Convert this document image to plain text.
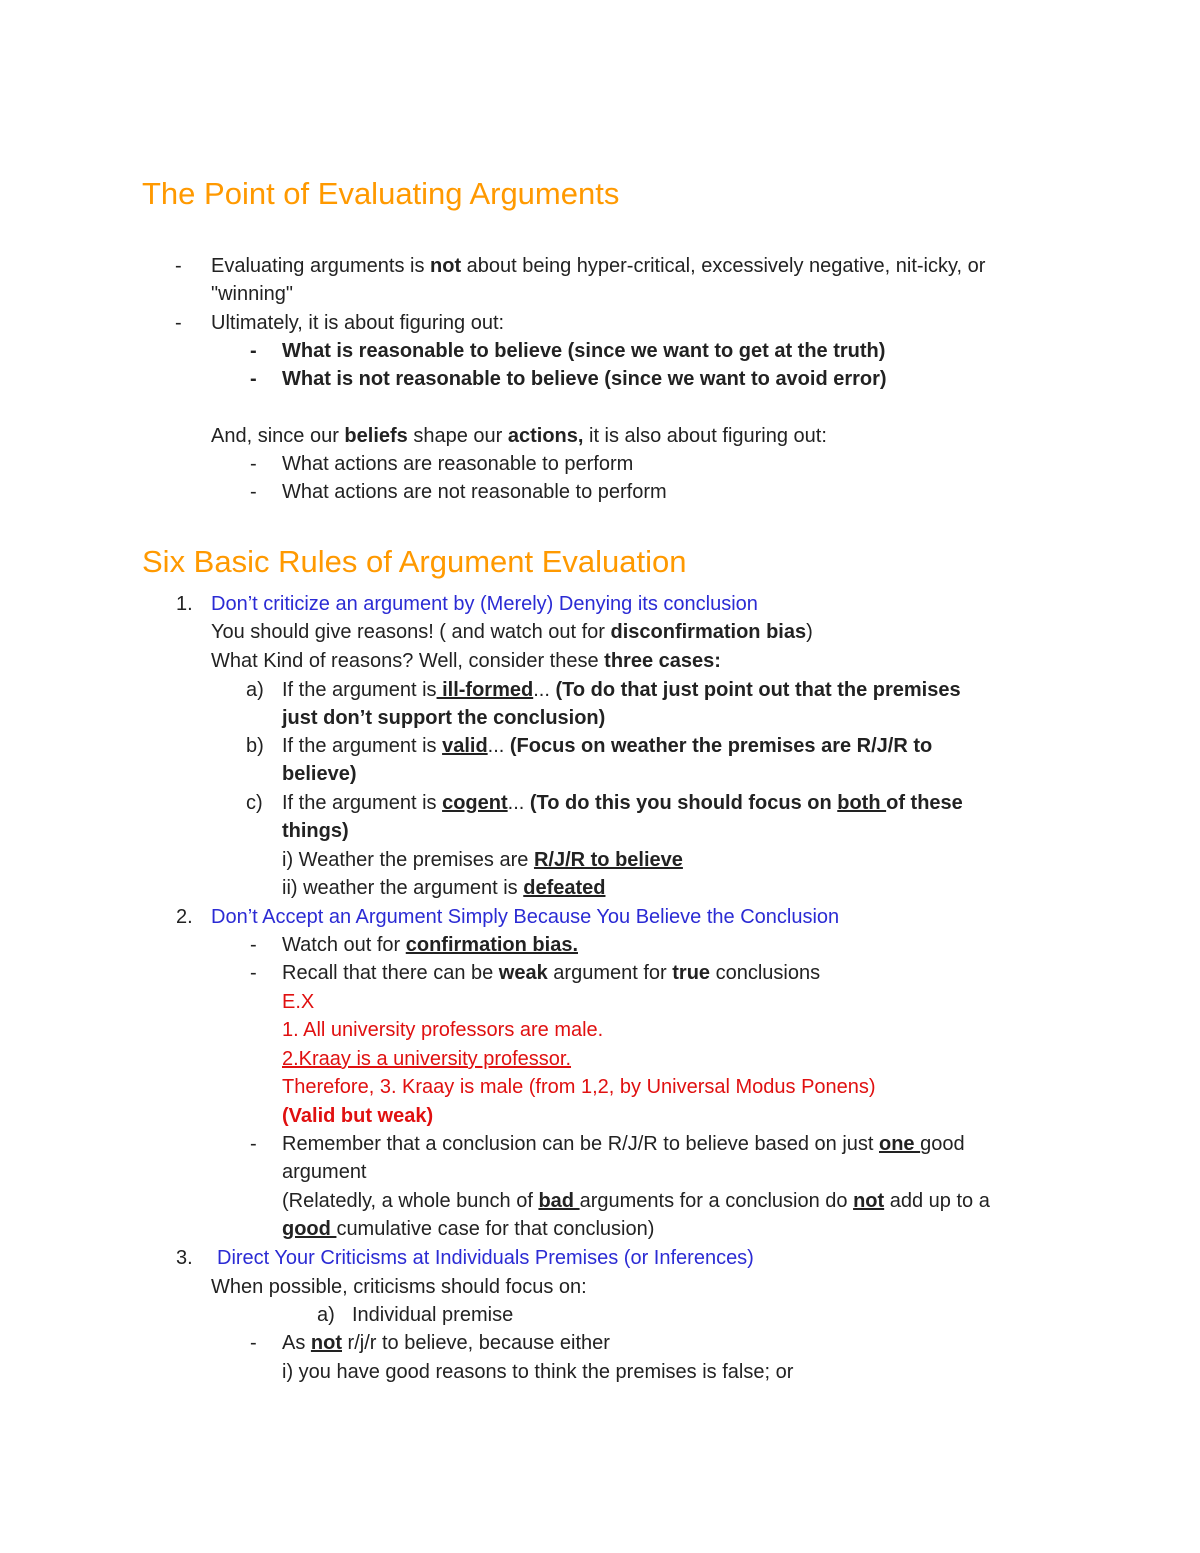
The Point of Evaluating Arguments
- Evaluating arguments is not about being hyper-critical, excessively negative, nit-icky, or
"winning"
- Ultimately, it is about figuring out:
- What is reasonable to believe (since we want to get at the truth)
- What is not reasonable to believe (since we want to avoid error)
And, since our beliefs shape our actions, it is also about figuring out:
- What actions are reasonable to perform
- What actions are not reasonable to perform
Six Basic Rules of Argument Evaluation
1. Don’t criticize an argument by (Merely) Denying its conclusion
You should give reasons! ( and watch out for disconfirmation bias)
What Kind of reasons? Well, consider these three cases:
a) If the argument is ill-formed... (To do that just point out that the premises
just don’t support the conclusion)
b) If the argument is valid... (Focus on weather the premises are R/J/R to
believe)
c) If the argument is cogent... (To do this you should focus on both of these
things)
i) Weather the premises are R/J/R to believe
ii) weather the argument is defeated
2. Don’t Accept an Argument Simply Because You Believe the Conclusion
- Watch out for confirmation bias.
- Recall that there can be weak argument for true conclusions
E.X
1. All university professors are male.
2.Kraay is a university professor.
Therefore, 3. Kraay is male (from 1,2, by Universal Modus Ponens)
(Valid but weak)
- Remember that a conclusion can be R/J/R to believe based on just one good
argument
(Relatedly, a whole bunch of bad arguments for a conclusion do not add up to a
good cumulative case for that conclusion)
3. Direct Your Criticisms at Individuals Premises (or Inferences)
When possible, criticisms should focus on:
a) Individual premise
- As not r/j/r to believe, because either
i) you have good reasons to think the premises is false; or
